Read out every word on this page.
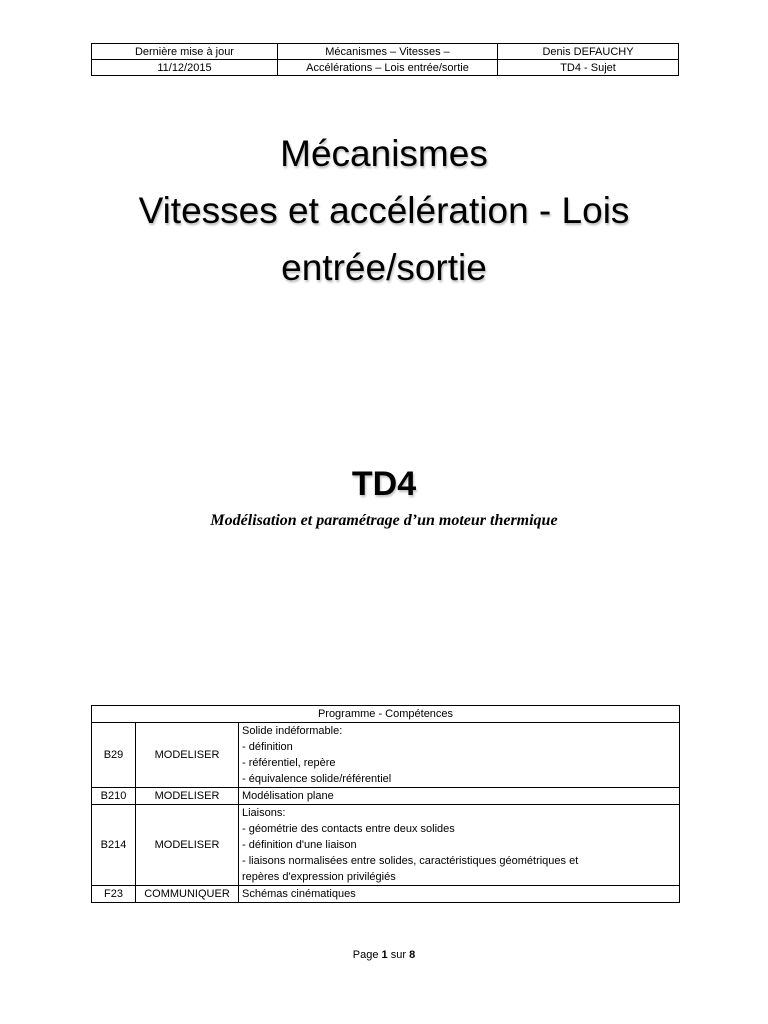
Dernière mise à jour	Mécanismes – Vitesses –	Denis DEFAUCHY
11/12/2015	Accélérations – Lois entrée/sortie	TD4 - Sujet
Mécanismes
Vitesses et accélération - Lois
entrée/sortie
TD4
Modélisation et paramétrage d’un moteur thermique
Programme - Compétences		
B29	MODELISER	Solide indéformable:
- définition
- référentiel, repère
- équivalence solide/référentiel

B210	MODELISER	Modélisation plane

B214	MODELISER	Liaisons:
- géométrie des contacts entre deux solides
- définition d'une liaison
- liaisons normalisées entre solides, caractéristiques géométriques et
repères d'expression privilégiés

F23	COMMUNIQUER	Schémas cinématiques
Page 1 sur 8
